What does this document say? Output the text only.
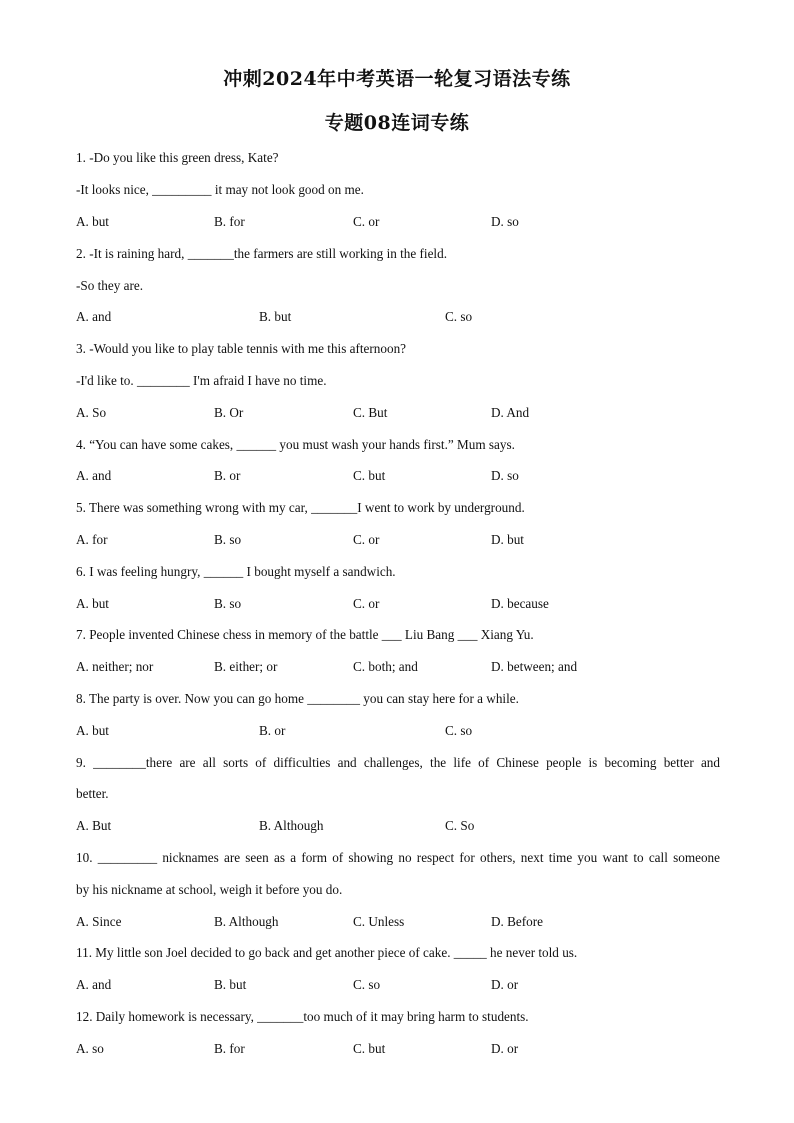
冲刺2024年中考英语一轮复习语法专练
专题08连词专练
1. -Do you like this green dress, Kate?
-It looks nice, _________ it may not look good on me.
A. but	B. for	C. or	D. so
2. -It is raining hard, _______the farmers are still working in the field.
-So they are.
A. and	B. but	C. so
3. -Would you like to play table tennis with me this afternoon?
-I'd like to. ________ I'm afraid I have no time.
A. So	B. Or	C. But	D. And
4. “You can have some cakes, ______ you must wash your hands first.” Mum says.
A. and	B. or	C. but	D. so
5. There was something wrong with my car, _______I went to work by underground.
A. for	B. so	C. or	D. but
6. I was feeling hungry, ______ I bought myself a sandwich.
A. but	B. so	C. or	D. because
7. People invented Chinese chess in memory of the battle ___ Liu Bang ___ Xiang Yu.
A. neither; nor	B. either; or	C. both; and	D. between; and
8. The party is over. Now you can go home ________ you can stay here for a while.
A. but	B. or	C. so
9. ________there are all sorts of difficulties and challenges, the life of Chinese people is becoming better and
better.
A. But	B. Although	C. So
10. _________ nicknames are seen as a form of showing no respect for others, next time you want to call someone
by his nickname at school, weigh it before you do.
A. Since	B. Although	C. Unless	D. Before
11. My little son Joel decided to go back and get another piece of cake. _____ he never told us.
A. and	B. but	C. so	D. or
12. Daily homework is necessary, _______too much of it may bring harm to students.
A. so	B. for	C. but	D. or
